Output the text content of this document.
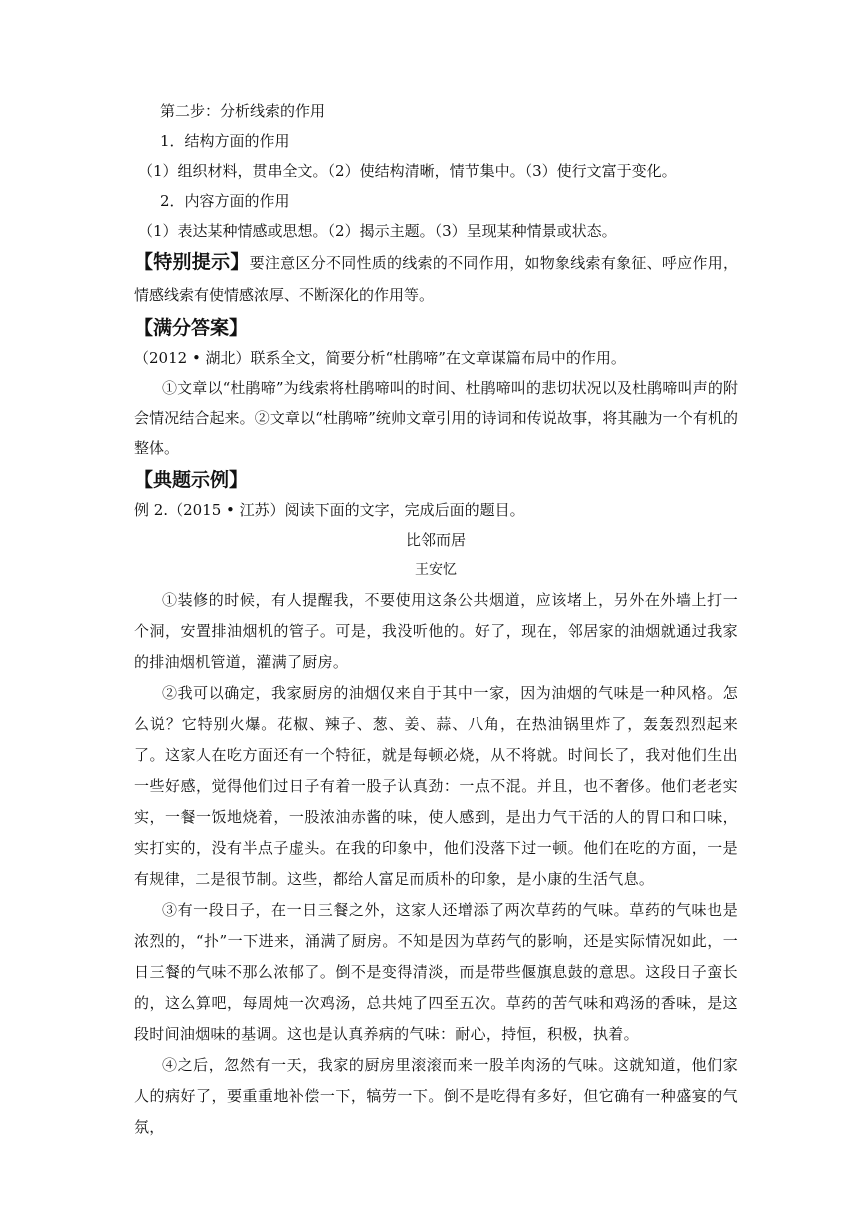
第二步：分析线索的作用

1．结构方面的作用

（1）组织材料，贯串全文。（2）使结构清晰，情节集中。（3）使行文富于变化。

2．内容方面的作用

（1）表达某种情感或思想。（2）揭示主题。（3）呈现某种情景或状态。

【特别提示】要注意区分不同性质的线索的不同作用，如物象线索有象征、呼应作用，情感线索有使情感浓厚、不断深化的作用等。

【满分答案】

（2012 • 湖北）联系全文，简要分析“杜鹃啼”在文章谋篇布局中的作用。

①文章以“杜鹃啼”为线索将杜鹃啼叫的时间、杜鹃啼叫的悲切状况以及杜鹃啼叫声的附会情况结合起来。②文章以“杜鹃啼”统帅文章引用的诗词和传说故事，将其融为一个有机的整体。

【典题示例】

例 2.（2015 • 江苏）阅读下面的文字，完成后面的题目。

比邻而居

王安忆

①装修的时候，有人提醒我，不要使用这条公共烟道，应该堵上，另外在外墙上打一个洞，安置排油烟机的管子。可是，我没听他的。好了，现在，邻居家的油烟就通过我家的排油烟机管道，灌满了厨房。

②我可以确定，我家厨房的油烟仅来自于其中一家，因为油烟的气味是一种风格。怎么说？它特别火爆。花椒、辣子、葱、姜、蒜、八角，在热油锅里炸了，轰轰烈烈起来了。这家人在吃方面还有一个特征，就是每顿必烧，从不将就。时间长了，我对他们生出一些好感，觉得他们过日子有着一股子认真劲：一点不混。并且，也不奢侈。他们老老实实，一餐一饭地烧着，一股浓油赤酱的味，使人感到，是出力气干活的人的胃口和口味，实打实的，没有半点子虚头。在我的印象中，他们没落下过一顿。他们在吃的方面，一是有规律，二是很节制。这些，都给人富足而质朴的印象，是小康的生活气息。

③有一段日子，在一日三餐之外，这家人还增添了两次草药的气味。草药的气味也是浓烈的，“扑”一下进来，涌满了厨房。不知是因为草药气的影响，还是实际情况如此，一日三餐的气味不那么浓郁了。倒不是变得清淡，而是带些偃旗息鼓的意思。这段日子蛮长的，这么算吧，每周炖一次鸡汤，总共炖了四至五次。草药的苦气味和鸡汤的香味，是这段时间油烟味的基调。这也是认真养病的气味：耐心，持恒，积极，执着。

④之后，忽然有一天，我家的厨房里滚滚而来一股羊肉汤的气味。这就知道，他们家人的病好了，要重重地补偿一下，犒劳一下。倒不是吃得有多好，但它确有一种盛宴的气氛，
